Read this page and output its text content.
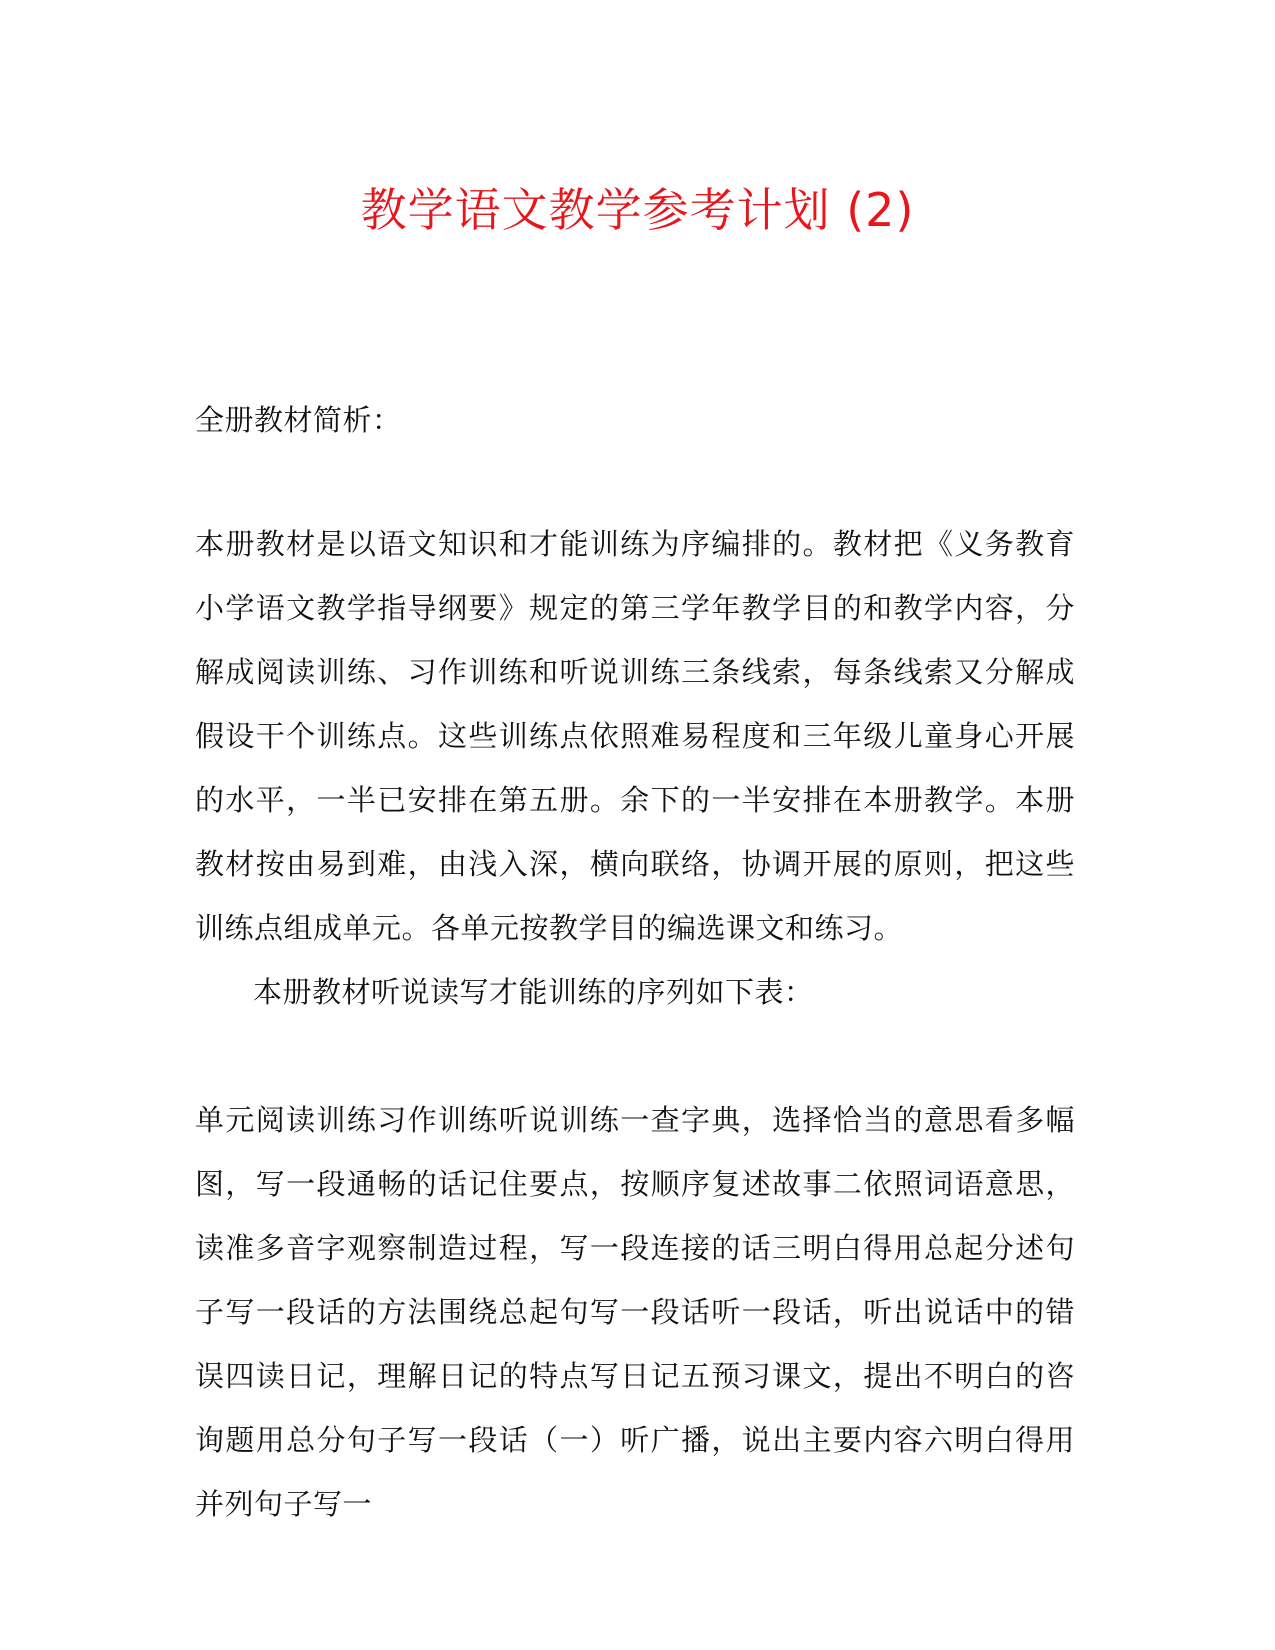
教学语文教学参考计划 (2)
全册教材简析：
本册教材是以语文知识和才能训练为序编排的。教材把《义务教育小学语文教学指导纲要》规定的第三学年教学目的和教学内容，分解成阅读训练、习作训练和听说训练三条线索，每条线索又分解成假设干个训练点。这些训练点依照难易程度和三年级儿童身心开展的水平，一半已安排在第五册。余下的一半安排在本册教学。本册教材按由易到难，由浅入深，横向联络，协调开展的原则，把这些训练点组成单元。各单元按教学目的编选课文和练习。
本册教材听说读写才能训练的序列如下表：
单元阅读训练习作训练听说训练一查字典，选择恰当的意思看多幅图，写一段通畅的话记住要点，按顺序复述故事二依照词语意思，读准多音字观察制造过程，写一段连接的话三明白得用总起分述句子写一段话的方法围绕总起句写一段话听一段话，听出说话中的错误四读日记，理解日记的特点写日记五预习课文，提出不明白的咨询题用总分句子写一段话（一）听广播，说出主要内容六明白得用并列句子写一
